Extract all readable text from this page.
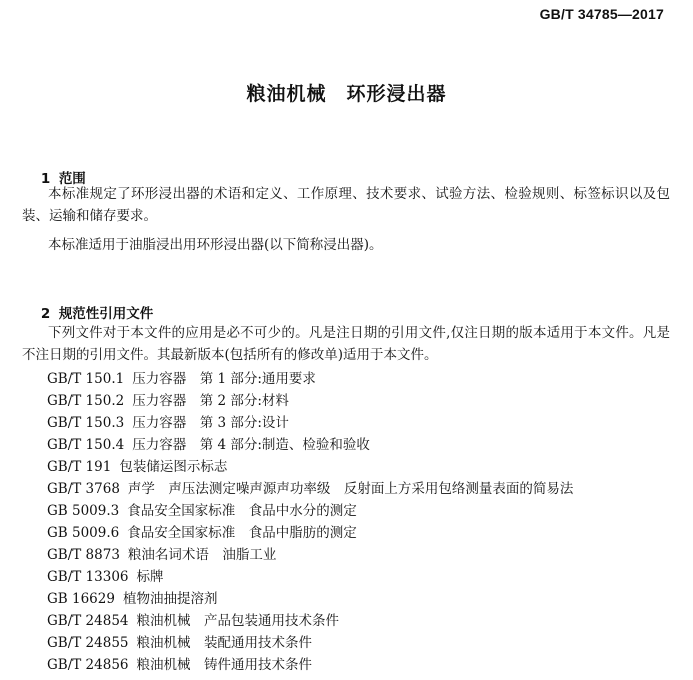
GB/T 34785—2017
粮油机械　环形浸出器

1 范围

本标准规定了环形浸出器的术语和定义、工作原理、技术要求、试验方法、检验规则、标签标识以及包装、运输和储存要求。

本标准适用于油脂浸出用环形浸出器(以下简称浸出器)。

2 规范性引用文件

下列文件对于本文件的应用是必不可少的。凡是注日期的引用文件,仅注日期的版本适用于本文件。凡是不注日期的引用文件。其最新版本(包括所有的修改单)适用于本文件。

GB/T 150.1 压力容器　第 1 部分:通用要求
GB/T 150.2 压力容器　第 2 部分:材料
GB/T 150.3 压力容器　第 3 部分:设计
GB/T 150.4 压力容器　第 4 部分:制造、检验和验收
GB/T 191 包装储运图示标志
GB/T 3768 声学　声压法测定噪声源声功率级　反射面上方采用包络测量表面的简易法
GB 5009.3 食品安全国家标准　食品中水分的测定
GB 5009.6 食品安全国家标准　食品中脂肪的测定
GB/T 8873 粮油名词术语　油脂工业
GB/T 13306 标牌
GB 16629 植物油抽提溶剂
GB/T 24854 粮油机械　产品包装通用技术条件
GB/T 24855 粮油机械　装配通用技术条件
GB/T 24856 粮油机械　铸件通用技术条件
